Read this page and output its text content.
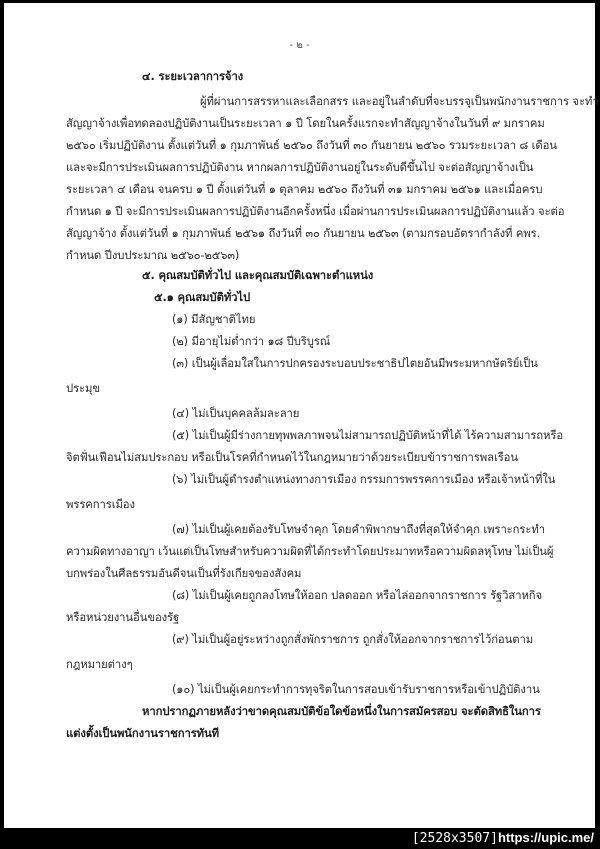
- ๒ -
๔. ระยะเวลาการจ้าง
ผู้ที่ผ่านการสรรหาและเลือกสรร และอยู่ในลำดับที่จะบรรจุเป็นพนักงานราชการ จะทำ
สัญญาจ้างเพื่อทดลองปฏิบัติงานเป็นระยะเวลา ๑ ปี โดยในครั้งแรกจะทำสัญญาจ้างในวันที่ ๙ มกราคม
๒๕๖๐ เริ่มปฏิบัติงาน ตั้งแต่วันที่ ๑ กุมภาพันธ์ ๒๕๖๐ ถึงวันที่ ๓๐ กันยายน ๒๕๖๐ รวมระยะเวลา ๘ เดือน
และจะมีการประเมินผลการปฏิบัติงาน หากผลการปฏิบัติงานอยู่ในระดับดีขึ้นไป จะต่อสัญญาจ้างเป็น
ระยะเวลา ๔ เดือน จนครบ ๑ ปี ตั้งแต่วันที่ ๑ ตุลาคม ๒๕๖๐ ถึงวันที่ ๓๑ มกราคม ๒๕๖๑ และเมื่อครบ
กำหนด ๑ ปี จะมีการประเมินผลการปฏิบัติงานอีกครั้งหนึ่ง เมื่อผ่านการประเมินผลการปฏิบัติงานแล้ว จะต่อ
สัญญาจ้าง ตั้งแต่วันที่ ๑ กุมภาพันธ์ ๒๕๖๑ ถึงวันที่ ๓๐ กันยายน ๒๕๖๓ (ตามกรอบอัตรากำลังที่ คพร.
กำหนด ปีงบประมาณ ๒๕๖๐-๒๕๖๓)
๕. คุณสมบัติทั่วไป และคุณสมบัติเฉพาะตำแหน่ง
๕.๑ คุณสมบัติทั่วไป
(๑) มีสัญชาติไทย
(๒) มีอายุไม่ต่ำกว่า ๑๘ ปีบริบูรณ์
(๓) เป็นผู้เลื่อมใสในการปกครองระบอบประชาธิปไตยอันมีพระมหากษัตริย์เป็น
ประมุข
(๔) ไม่เป็นบุคคลล้มละลาย
(๕) ไม่เป็นผู้มีร่างกายทุพพลภาพจนไม่สามารถปฏิบัติหน้าที่ได้ ไร้ความสามารถหรือ
จิตฟั่นเฟือนไม่สมประกอบ หรือเป็นโรคที่กำหนดไว้ในกฎหมายว่าด้วยระเบียบข้าราชการพลเรือน
(๖) ไม่เป็นผู้ดำรงตำแหน่งทางการเมือง กรรมการพรรคการเมือง หรือเจ้าหน้าที่ใน
พรรคการเมือง
(๗) ไม่เป็นผู้เคยต้องรับโทษจำคุก โดยคำพิพากษาถึงที่สุดให้จำคุก เพราะกระทำ
ความผิดทางอาญา เว้นแต่เป็นโทษสำหรับความผิดที่ได้กระทำโดยประมาทหรือความผิดลหุโทษ ไม่เป็นผู้
บกพร่องในศีลธรรมอันดีจนเป็นที่รังเกียจของสังคม
(๘) ไม่เป็นผู้เคยถูกลงโทษให้ออก ปลดออก หรือไล่ออกจากราชการ รัฐวิสาหกิจ
หรือหน่วยงานอื่นของรัฐ
(๙) ไม่เป็นผู้อยู่ระหว่างถูกสั่งพักราชการ ถูกสั่งให้ออกจากราชการไว้ก่อนตาม
กฎหมายต่างๆ
(๑๐) ไม่เป็นผู้เคยกระทำการทุจริตในการสอบเข้ารับราชการหรือเข้าปฏิบัติงาน
หากปรากฏภายหลังว่าขาดคุณสมบัติข้อใดข้อหนึ่งในการสมัครสอบ จะตัดสิทธิในการ
แต่งตั้งเป็นพนักงานราชการทันที
[2528x3507]https://upic.me/
